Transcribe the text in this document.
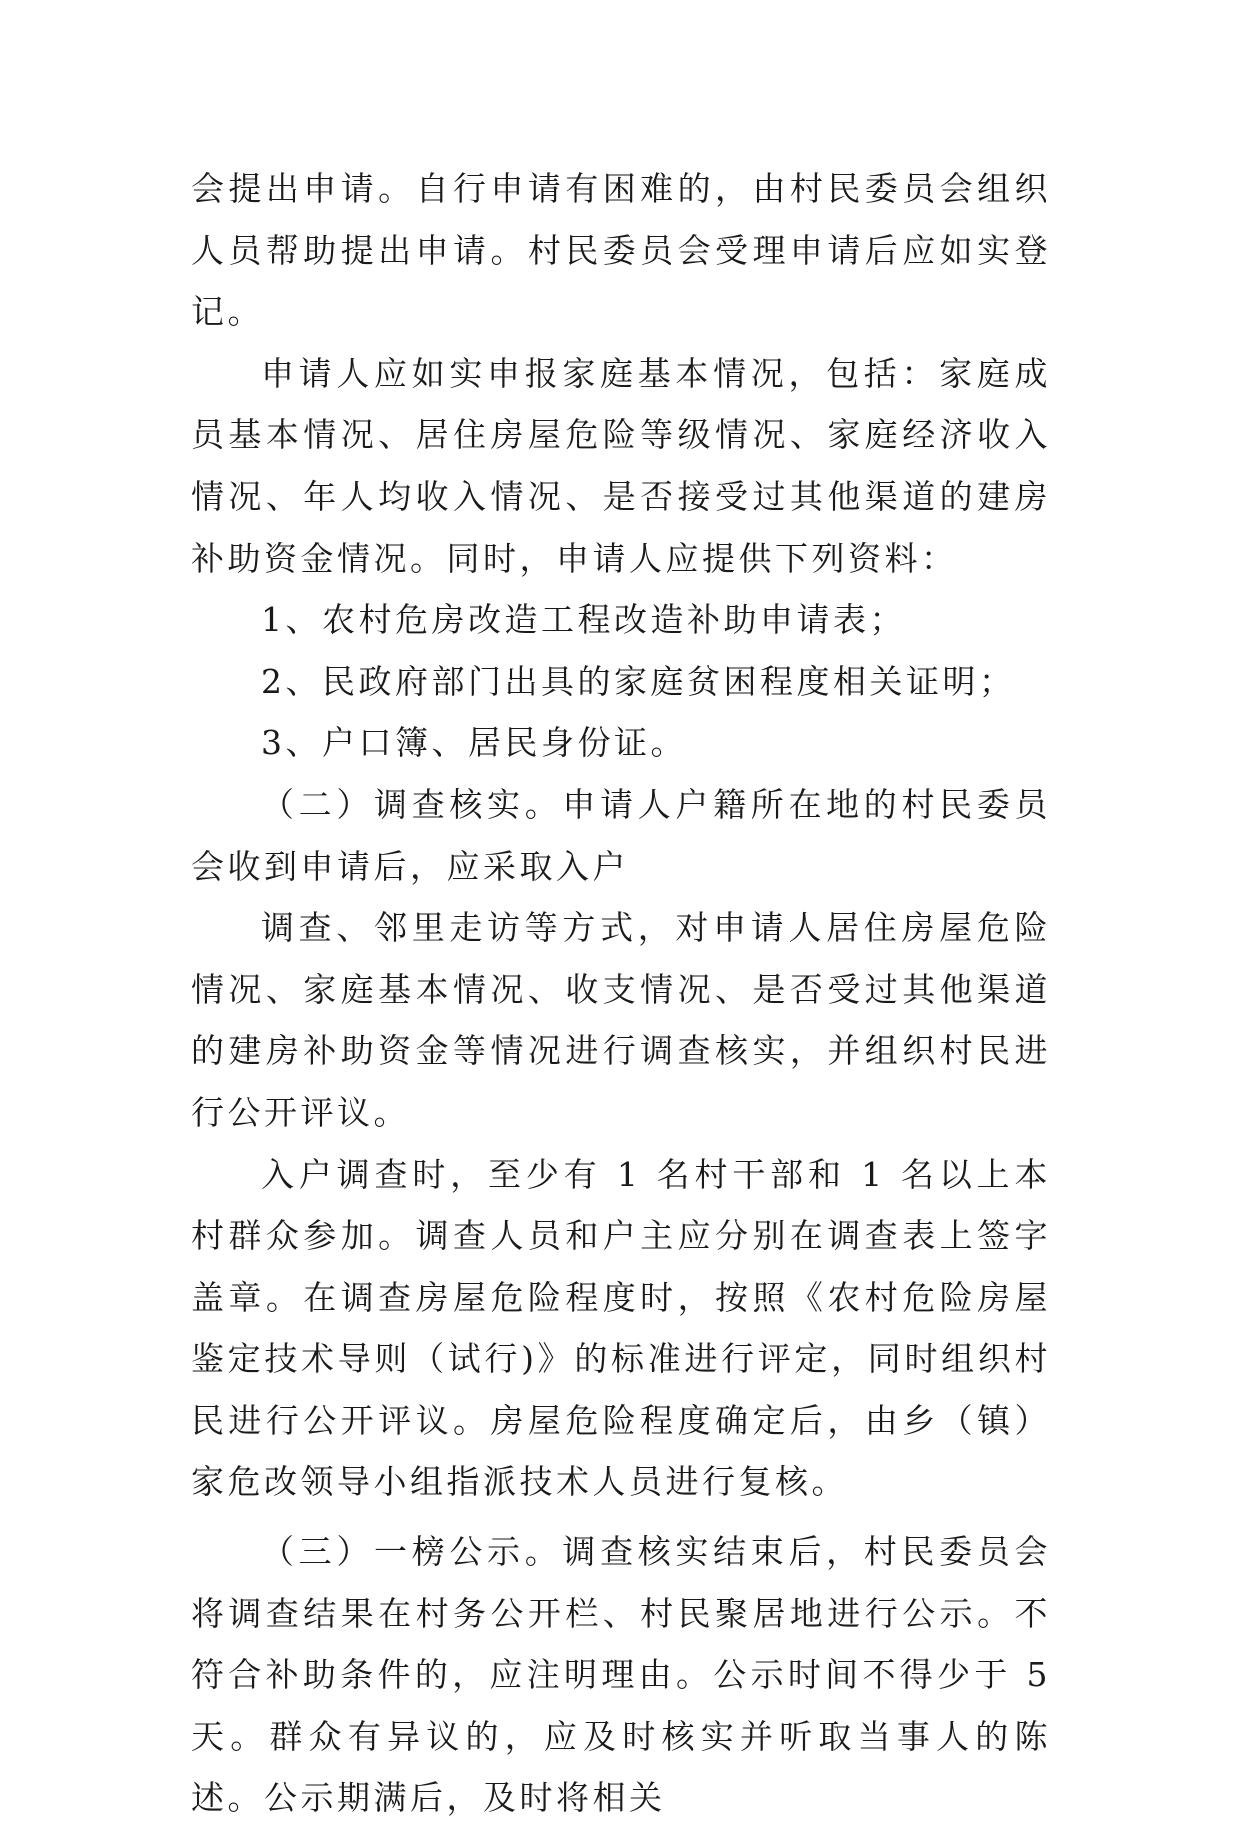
会提出申请。自行申请有困难的，由村民委员会组织人员帮助提出申请。村民委员会受理申请后应如实登记。

申请人应如实申报家庭基本情况，包括：家庭成员基本情况、居住房屋危险等级情况、家庭经济收入情况、年人均收入情况、是否接受过其他渠道的建房补助资金情况。同时，申请人应提供下列资料：

1、农村危房改造工程改造补助申请表；

2、民政府部门出具的家庭贫困程度相关证明；

3、户口簿、居民身份证。

（二）调查核实。申请人户籍所在地的村民委员会收到申请后，应采取入户

调查、邻里走访等方式，对申请人居住房屋危险情况、家庭基本情况、收支情况、是否受过其他渠道的建房补助资金等情况进行调查核实，并组织村民进行公开评议。

入户调查时，至少有 1 名村干部和 1 名以上本村群众参加。调查人员和户主应分别在调查表上签字盖章。在调查房屋危险程度时，按照《农村危险房屋鉴定技术导则（试行)》的标准进行评定，同时组织村民进行公开评议。房屋危险程度确定后，由乡（镇）家危改领导小组指派技术人员进行复核。

（三）一榜公示。调查核实结束后，村民委员会将调查结果在村务公开栏、村民聚居地进行公示。不符合补助条件的，应注明理由。公示时间不得少于 5 天。群众有异议的，应及时核实并听取当事人的陈述。公示期满后，及时将相关
